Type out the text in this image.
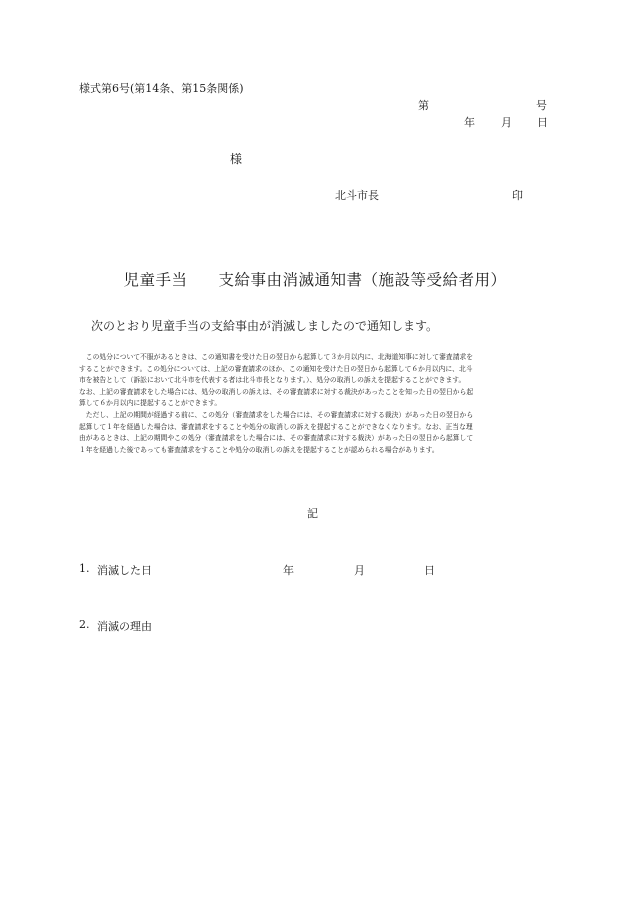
様式第6号(第14条、第15条関係)
第	号
年 月 日
様
北斗市長	印
児童手当 支給事由消滅通知書（施設等受給者用）
次のとおり児童手当の支給事由が消滅しましたので通知します。

　この処分について不服があるときは、この通知書を受けた日の翌日から起算して３か月以内に、北海道知事に対して審査請求を

することができます。この処分については、上記の審査請求のほか、この通知を受けた日の翌日から起算して６か月以内に、北斗

市を被告として（訴訟において北斗市を代表する者は北斗市長となります。）、処分の取消しの訴えを提起することができます。

なお、上記の審査請求をした場合には、処分の取消しの訴えは、その審査請求に対する裁決があったことを知った日の翌日から起

算して６か月以内に提起することができます。

　ただし、上記の期間が経過する前に、この処分（審査請求をした場合には、その審査請求に対する裁決）があった日の翌日から

起算して１年を経過した場合は、審査請求をすることや処分の取消しの訴えを提起することができなくなります。なお、正当な理

由があるときは、上記の期間やこの処分（審査請求をした場合には、その審査請求に対する裁決）があった日の翌日から起算して

１年を経過した後であっても審査請求をすることや処分の取消しの訴えを提起することが認められる場合があります。

記
1. 消滅した日	年	月	日
2. 消滅の理由
